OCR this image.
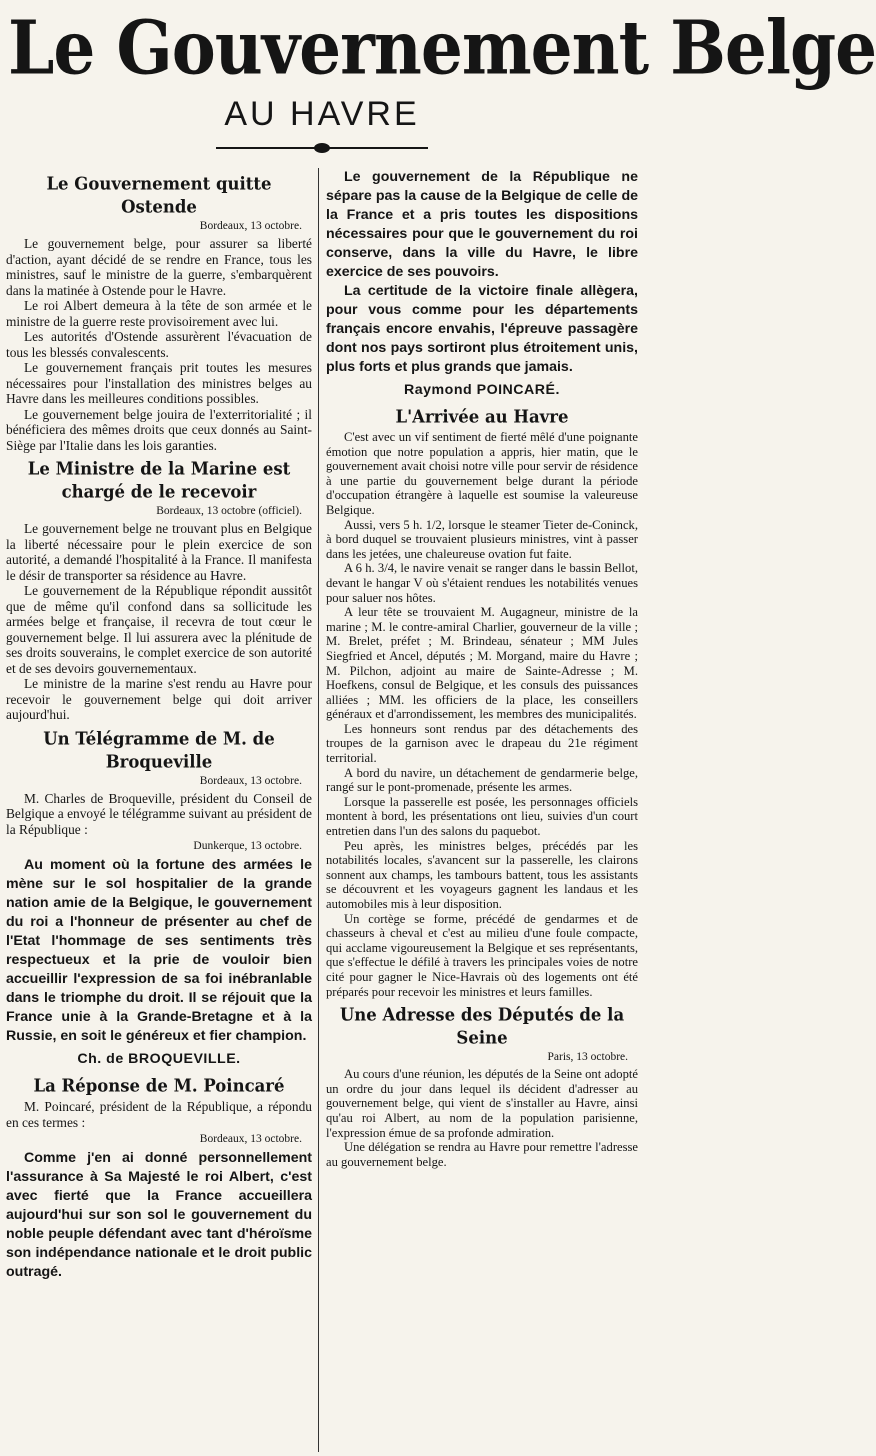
Le Gouvernement Belge
AU HAVRE
Le Gouvernement quitte Ostende
Bordeaux, 13 octobre.

Le gouvernement belge, pour assurer sa liberté d'action, ayant décidé de se rendre en France, tous les ministres, sauf le ministre de la guerre, s'embarquèrent dans la matinée à Ostende pour le Havre.

Le roi Albert demeura à la tête de son armée et le ministre de la guerre reste provisoirement avec lui.

Les autorités d'Ostende assurèrent l'évacuation de tous les blessés convalescents.

Le gouvernement français prit toutes les mesures nécessaires pour l'installation des ministres belges au Havre dans les meilleures conditions possibles.

Le gouvernement belge jouira de l'exterritorialité ; il bénéficiera des mêmes droits que ceux donnés au Saint-Siège par l'Italie dans les lois garanties.

Le Ministre de la Marine est chargé de le recevoir
Bordeaux, 13 octobre (officiel).

Le gouvernement belge ne trouvant plus en Belgique la liberté nécessaire pour le plein exercice de son autorité, a demandé l'hospitalité à la France. Il manifesta le désir de transporter sa résidence au Havre.

Le gouvernement de la République répondit aussitôt que de même qu'il confond dans sa sollicitude les armées belge et française, il recevra de tout cœur le gouvernement belge. Il lui assurera avec la plénitude de ses droits souverains, le complet exercice de son autorité et de ses devoirs gouvernementaux.

Le ministre de la marine s'est rendu au Havre pour recevoir le gouvernement belge qui doit arriver aujourd'hui.

Un Télégramme de M. de Broqueville
Bordeaux, 13 octobre.

M. Charles de Broqueville, président du Conseil de Belgique a envoyé le télégramme suivant au président de la République :

Dunkerque, 13 octobre.

Au moment où la fortune des armées le mène sur le sol hospitalier de la grande nation amie de la Belgique, le gouvernement du roi a l'honneur de présenter au chef de l'Etat l'hommage de ses sentiments très respectueux et la prie de vouloir bien accueillir l'expression de sa foi inébranlable dans le triomphe du droit. Il se réjouit que la France unie à la Grande-Bretagne et à la Russie, en soit le généreux et fier champion.

Ch. de BROQUEVILLE.
La Réponse de M. Poincaré

M. Poincaré, président de la République, a répondu en ces termes :

Bordeaux, 13 octobre.

Comme j'en ai donné personnellement l'assurance à Sa Majesté le roi Albert, c'est avec fierté que la France accueillera aujourd'hui sur son sol le gouvernement du noble peuple défendant avec tant d'héroïsme son indépendance nationale et le droit public outragé.

Le gouvernement de la République ne sépare pas la cause de la Belgique de celle de la France et a pris toutes les dispositions nécessaires pour que le gouvernement du roi conserve, dans la ville du Havre, le libre exercice de ses pouvoirs.

La certitude de la victoire finale allègera, pour vous comme pour les départements français encore envahis, l'épreuve passagère dont nos pays sortiront plus étroitement unis, plus forts et plus grands que jamais.

Raymond POINCARÉ.
L'Arrivée au Havre

C'est avec un vif sentiment de fierté mêlé d'une poignante émotion que notre population a appris, hier matin, que le gouvernement avait choisi notre ville pour servir de résidence à une partie du gouvernement belge durant la période d'occupation étrangère à laquelle est soumise la valeureuse Belgique.

Aussi, vers 5 h. 1/2, lorsque le steamer Tieter de-Coninck, à bord duquel se trouvaient plusieurs ministres, vint à passer dans les jetées, une chaleureuse ovation fut faite.

A 6 h. 3/4, le navire venait se ranger dans le bassin Bellot, devant le hangar V où s'étaient rendues les notabilités venues pour saluer nos hôtes.

A leur tête se trouvaient M. Augagneur, ministre de la marine ; M. le contre-amiral Charlier, gouverneur de la ville ; M. Brelet, préfet ; M. Brindeau, sénateur ; MM Jules Siegfried et Ancel, députés ; M. Morgand, maire du Havre ; M. Pilchon, adjoint au maire de Sainte-Adresse ; M. Hoefkens, consul de Belgique, et les consuls des puissances alliées ; MM. les officiers de la place, les conseillers généraux et d'arrondissement, les membres des municipalités.

Les honneurs sont rendus par des détachements des troupes de la garnison avec le drapeau du 21e régiment territorial.

A bord du navire, un détachement de gendarmerie belge, rangé sur le pont-promenade, présente les armes.

Lorsque la passerelle est posée, les personnages officiels montent à bord, les présentations ont lieu, suivies d'un court entretien dans l'un des salons du paquebot.

Peu après, les ministres belges, précédés par les notabilités locales, s'avancent sur la passerelle, les clairons sonnent aux champs, les tambours battent, tous les assistants se découvrent et les voyageurs gagnent les landaus et les automobiles mis à leur disposition.

Un cortège se forme, précédé de gendarmes et de chasseurs à cheval et c'est au milieu d'une foule compacte, qui acclame vigoureusement la Belgique et ses représentants, que s'effectue le défilé à travers les principales voies de notre cité pour gagner le Nice-Havrais où des logements ont été préparés pour recevoir les ministres et leurs familles.

Une Adresse des Députés de la Seine
Paris, 13 octobre.

Au cours d'une réunion, les députés de la Seine ont adopté un ordre du jour dans lequel ils décident d'adresser au gouvernement belge, qui vient de s'installer au Havre, ainsi qu'au roi Albert, au nom de la population parisienne, l'expression émue de sa profonde admiration.

Une délégation se rendra au Havre pour remettre l'adresse au gouvernement belge.
